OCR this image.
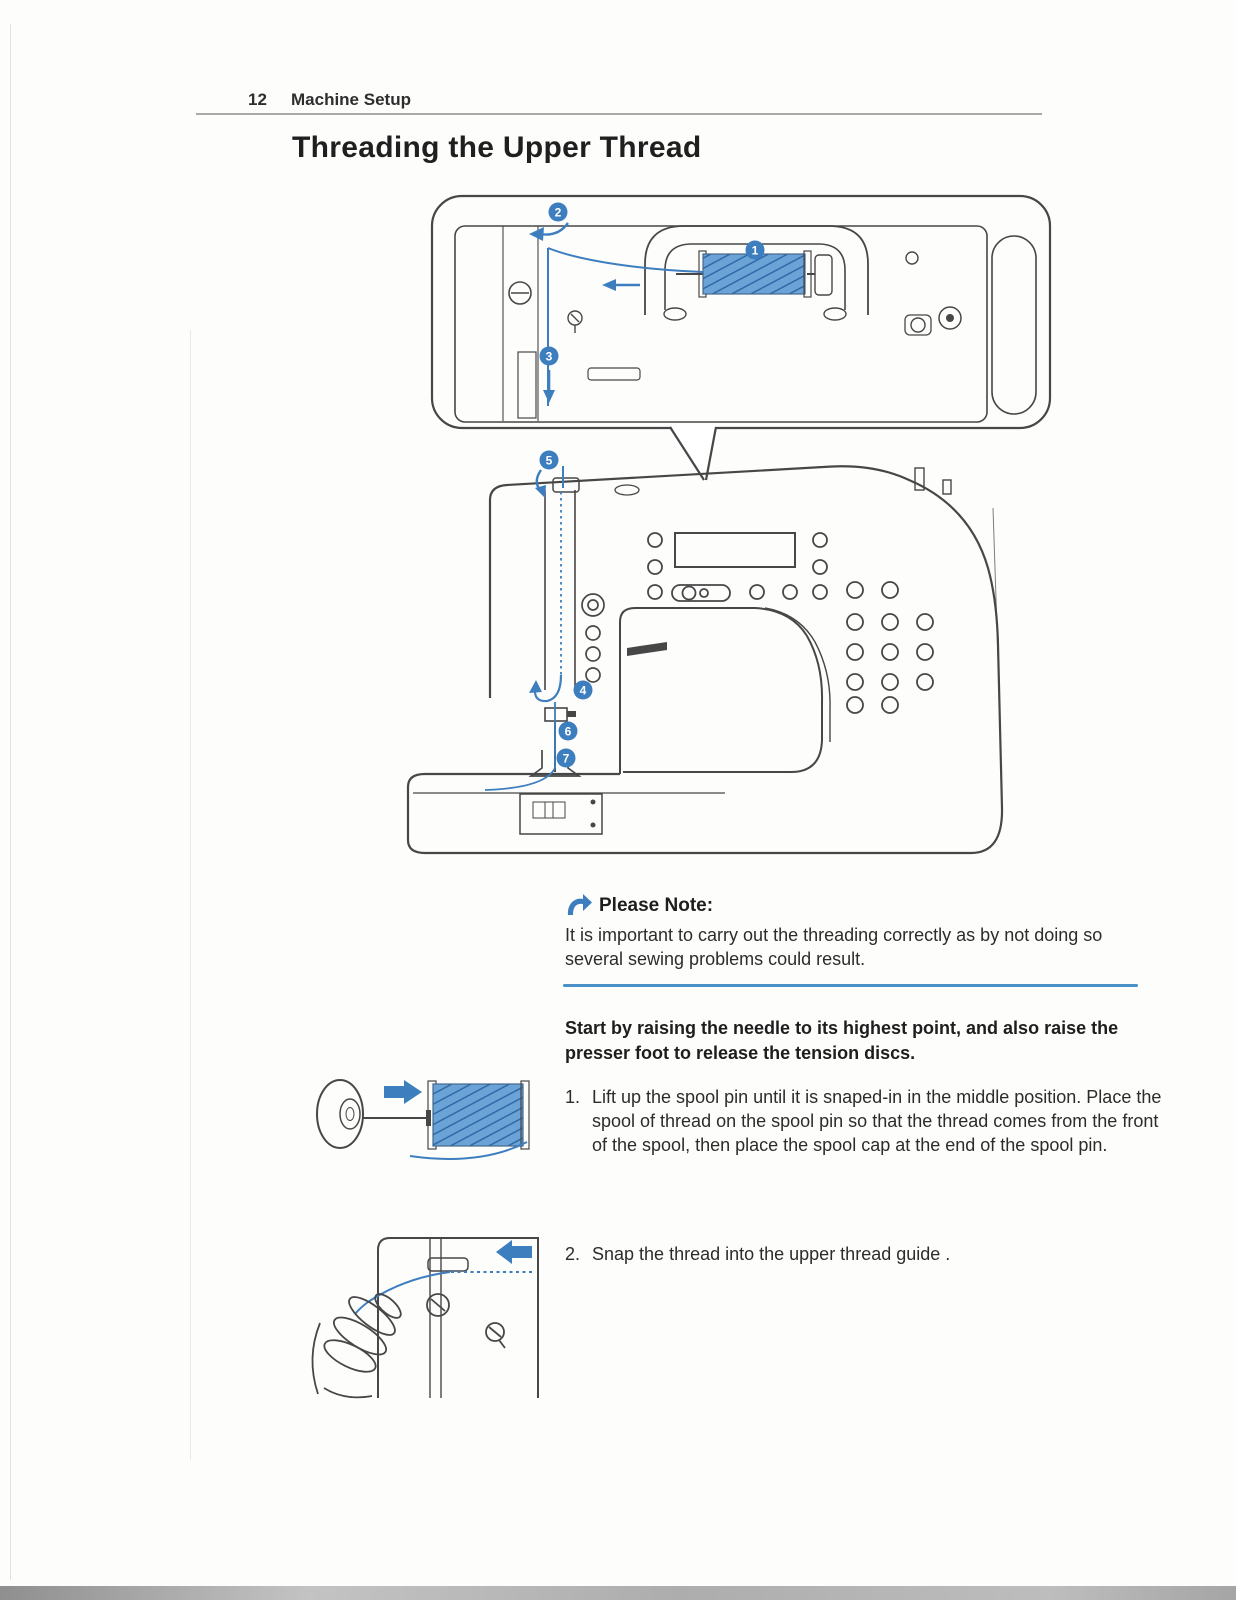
12 Machine Setup
Threading the Upper Thread
2
1
3
5
4
6
7
Please Note:
It is important to carry out the threading correctly as by not doing so several sewing problems could result.
Start by raising the needle to its highest point, and also raise the presser foot to release the tension discs.
1. Lift up the spool pin until it is snaped-in in the middle position. Place the spool of thread on the spool pin so that the thread comes from the front of the spool, then place the spool cap at the end of the spool pin.
2. Snap the thread into the upper thread guide .
